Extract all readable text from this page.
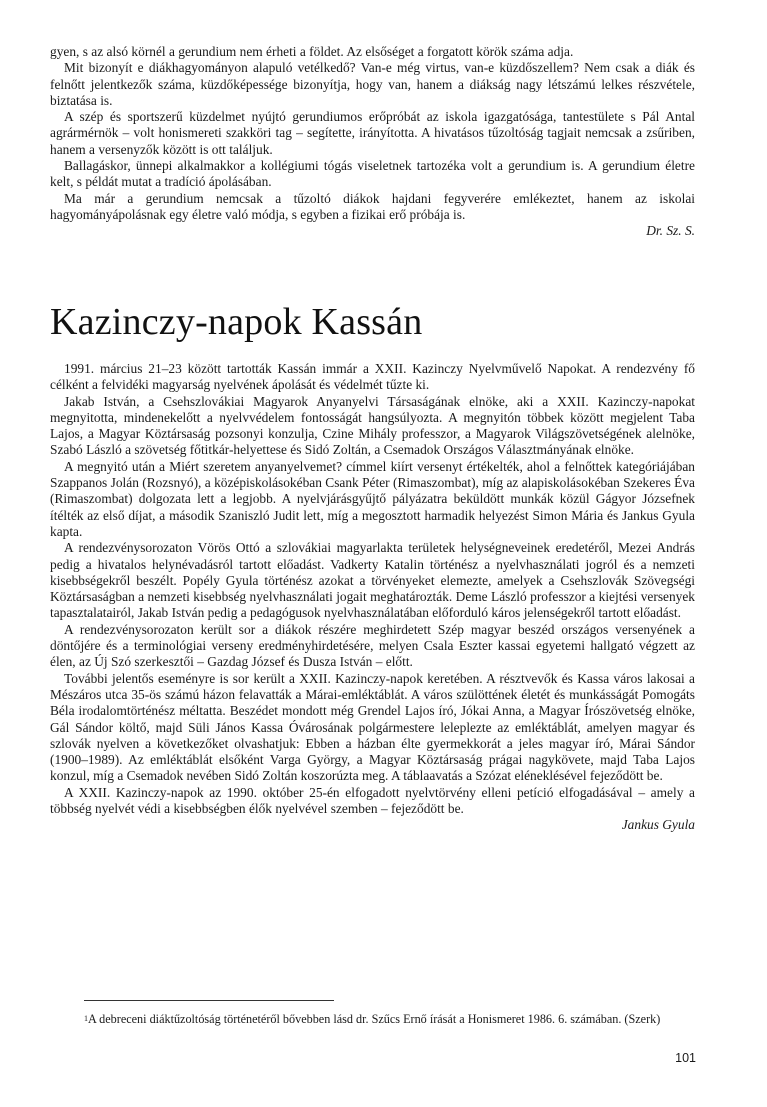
gyen, s az alsó körnél a gerundium nem érheti a földet. Az elsőséget a forgatott körök száma adja.

Mit bizonyít e diákhagyományon alapuló vetélkedő? Van-e még virtus, van-e küzdőszellem? Nem csak a diák és felnőtt jelentkezők száma, küzdőképessége bizonyítja, hogy van, hanem a diákság nagy létszámú lelkes részvétele, biztatása is.

A szép és sportszerű küzdelmet nyújtó gerundiumos erőpróbát az iskola igazgatósága, tantestülete s Pál Antal agrármérnök – volt honismereti szakköri tag – segítette, irányította. A hivatásos tűzoltóság tagjait nemcsak a zsűriben, hanem a versenyzők között is ott találjuk.

Ballagáskor, ünnepi alkalmakkor a kollégiumi tógás viseletnek tartozéka volt a gerundium is. A gerundium életre kelt, s példát mutat a tradíció ápolásában.

Ma már a gerundium nemcsak a tűzoltó diákok hajdani fegyverére emlékeztet, hanem az iskolai hagyományápolásnak egy életre való módja, s egyben a fizikai erő próbája is.

Dr. Sz. S.

Kazinczy-napok Kassán

1991. március 21–23 között tartották Kassán immár a XXII. Kazinczy Nyelvművelő Napokat. A rendezvény fő célként a felvidéki magyarság nyelvének ápolását és védelmét tűzte ki.

Jakab István, a Csehszlovákiai Magyarok Anyanyelvi Társaságának elnöke, aki a XXII. Kazinczy-napokat megnyitotta, mindenekelőtt a nyelvvédelem fontosságát hangsúlyozta. A megnyitón többek között megjelent Taba Lajos, a Magyar Köztársaság pozsonyi konzulja, Czine Mihály professzor, a Magyarok Világszövetségének alelnöke, Szabó László a szövetség főtitkár-helyettese és Sidó Zoltán, a Csemadok Országos Választmányának elnöke.

A megnyitó után a Miért szeretem anyanyelvemet? címmel kiírt versenyt értékelték, ahol a felnőttek kategóriájában Szappanos Jolán (Rozsnyó), a középiskolásokéban Csank Péter (Rimaszombat), míg az alapiskolásokéban Szekeres Éva (Rimaszombat) dolgozata lett a legjobb. A nyelvjárásgyűjtő pályázatra beküldött munkák közül Gágyor Józsefnek ítélték az első díjat, a második Szaniszló Judit lett, míg a megosztott harmadik helyezést Simon Mária és Jankus Gyula kapta.

A rendezvénysorozaton Vörös Ottó a szlovákiai magyarlakta területek helységneveinek eredetéről, Mezei András pedig a hivatalos helynévadásról tartott előadást. Vadkerty Katalin történész a nyelvhasználati jogról és a nemzeti kisebbségekről beszélt. Popély Gyula történész azokat a törvényeket elemezte, amelyek a Csehszlovák Szövegségi Köztársaságban a nemzeti kisebbség nyelvhasználati jogait meghatározták. Deme László professzor a kiejtési versenyek tapasztalatairól, Jakab István pedig a pedagógusok nyelvhasználatában előforduló káros jelenségekről tartott előadást.

A rendezvénysorozaton került sor a diákok részére meghirdetett Szép magyar beszéd országos versenyének a döntőjére és a terminológiai verseny eredményhirdetésére, melyen Csala Eszter kassai egyetemi hallgató végzett az élen, az Új Szó szerkesztői – Gazdag József és Dusza István – előtt.

További jelentős eseményre is sor került a XXII. Kazinczy-napok keretében. A résztvevők és Kassa város lakosai a Mészáros utca 35-ös számú házon felavatták a Márai-emléktáblát. A város szülöttének életét és munkásságát Pomogáts Béla irodalomtörténész méltatta. Beszédet mondott még Grendel Lajos író, Jókai Anna, a Magyar Írószövetség elnöke, Gál Sándor költő, majd Süli János Kassa Óvárosának polgármestere leleplezte az emléktáblát, amelyen magyar és szlovák nyelven a következőket olvashatjuk: Ebben a házban élte gyermekkorát a jeles magyar író, Márai Sándor (1900–1989). Az emléktáblát elsőként Varga György, a Magyar Köztársaság prágai nagykövete, majd Taba Lajos konzul, míg a Csemadok nevében Sidó Zoltán koszorúzta meg. A táblaavatás a Szózat eléneklésével fejeződött be.

A XXII. Kazinczy-napok az 1990. október 25-én elfogadott nyelvtörvény elleni petíció elfogadásával – amely a többség nyelvét védi a kisebbségben élők nyelvével szemben – fejeződött be.

Jankus Gyula

$^1$A debreceni diáktűzoltóság történetéről bővebben lásd dr. Szűcs Ernő írását a Honismeret 1986. 6. számában. (Szerk)
101
